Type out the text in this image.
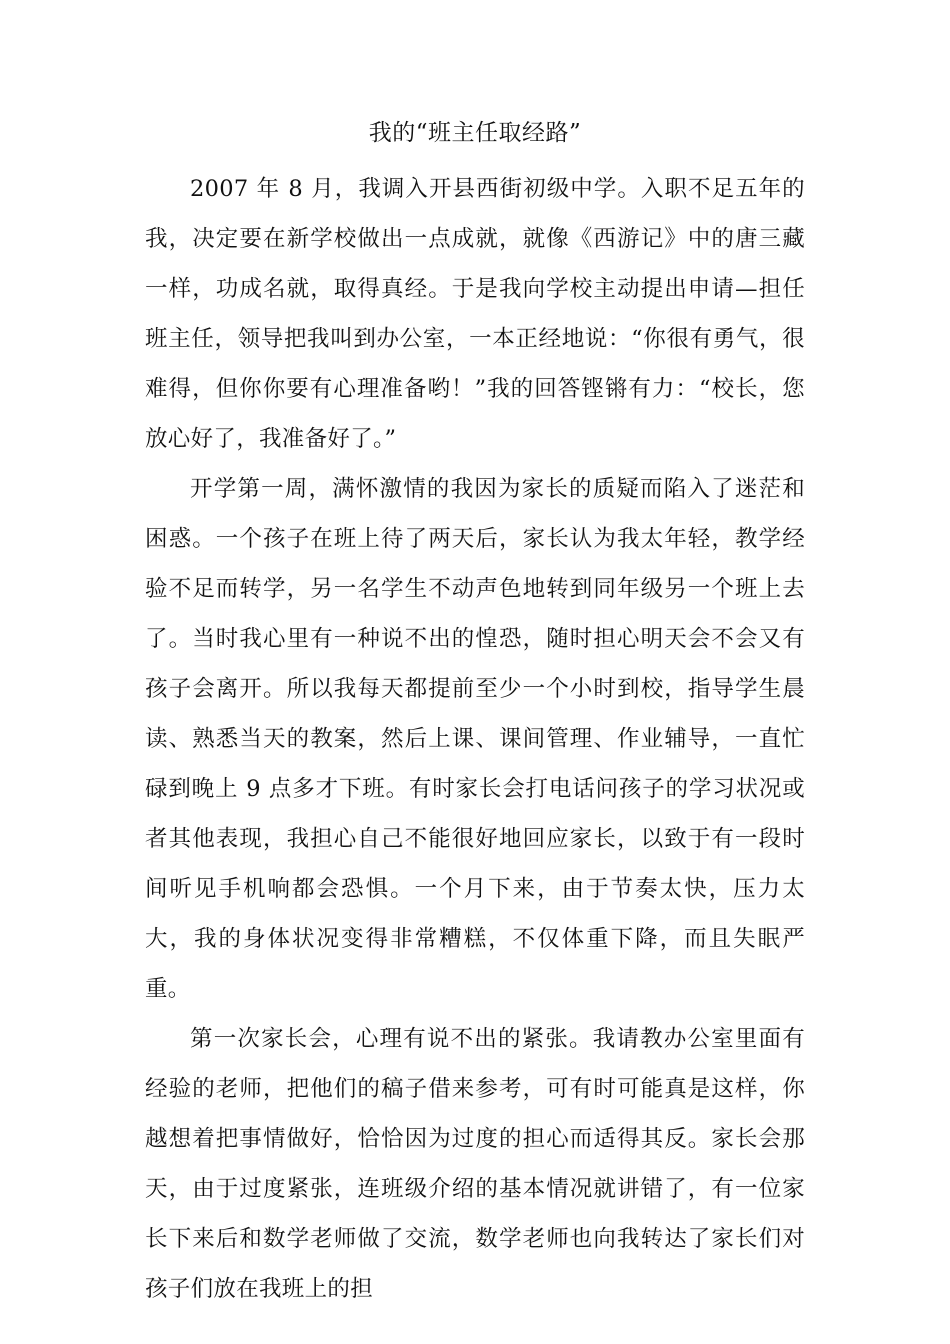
我的“班主任取经路”

2007 年 8 月，我调入开县西街初级中学。入职不足五年的我，决定要在新学校做出一点成就，就像《西游记》中的唐三藏一样，功成名就，取得真经。于是我向学校主动提出申请—担任班主任，领导把我叫到办公室，一本正经地说：“你很有勇气，很难得，但你你要有心理准备哟！”我的回答铿锵有力：“校长，您放心好了，我准备好了。”

开学第一周，满怀激情的我因为家长的质疑而陷入了迷茫和困惑。一个孩子在班上待了两天后，家长认为我太年轻，教学经验不足而转学，另一名学生不动声色地转到同年级另一个班上去了。当时我心里有一种说不出的惶恐，随时担心明天会不会又有孩子会离开。所以我每天都提前至少一个小时到校，指导学生晨读、熟悉当天的教案，然后上课、课间管理、作业辅导，一直忙碌到晚上 9 点多才下班。有时家长会打电话问孩子的学习状况或者其他表现，我担心自己不能很好地回应家长，以致于有一段时间听见手机响都会恐惧。一个月下来，由于节奏太快，压力太大，我的身体状况变得非常糟糕，不仅体重下降，而且失眠严重。

第一次家长会，心理有说不出的紧张。我请教办公室里面有经验的老师，把他们的稿子借来参考，可有时可能真是这样，你越想着把事情做好，恰恰因为过度的担心而适得其反。家长会那天，由于过度紧张，连班级介绍的基本情况就讲错了，有一位家长下来后和数学老师做了交流，数学老师也向我转达了家长们对孩子们放在我班上的担
